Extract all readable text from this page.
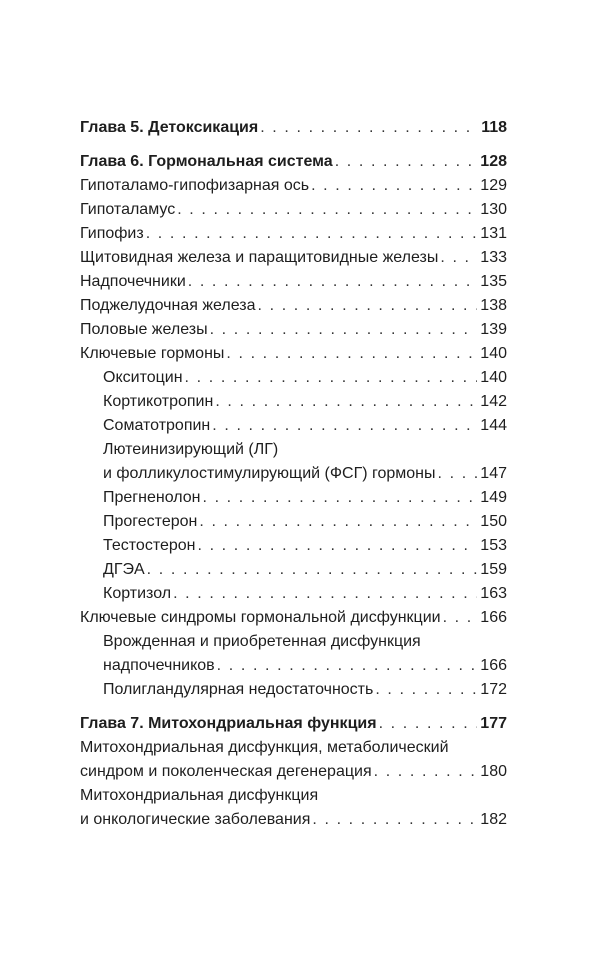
Глава 5. Детоксикация . . .	118
Глава 6. Гормональная система . . .	128
Гипоталамо-гипофизарная ось . . .	129
Гипоталамус . . .	130
Гипофиз . . .	131
Щитовидная железа и паращитовидные железы . . .	133
Надпочечники . . .	135
Поджелудочная железа . . .	138
Половые железы . . .	139
Ключевые гормоны . . .	140
Окситоцин . . .	140
Кортикотропин . . .	142
Соматотропин . . .	144
Лютеинизирующий (ЛГ)
и фолликулостимулирующий (ФСГ) гормоны . . .	147
Прегненолон . . .	149
Прогестерон . . .	150
Тестостерон . . .	153
ДГЭА . . .	159
Кортизол . . .	163
Ключевые синдромы гормональной дисфункции . . . 166
Врожденная и приобретенная дисфункция
надпочечников . . .	166
Полигландулярная недостаточность . . .	172
Глава 7. Митохондриальная функция . . .	177
Митохондриальная дисфункция, метаболический
синдром и поколенческая дегенерация . . .	180
Митохондриальная дисфункция
и онкологические заболевания . . .	182
